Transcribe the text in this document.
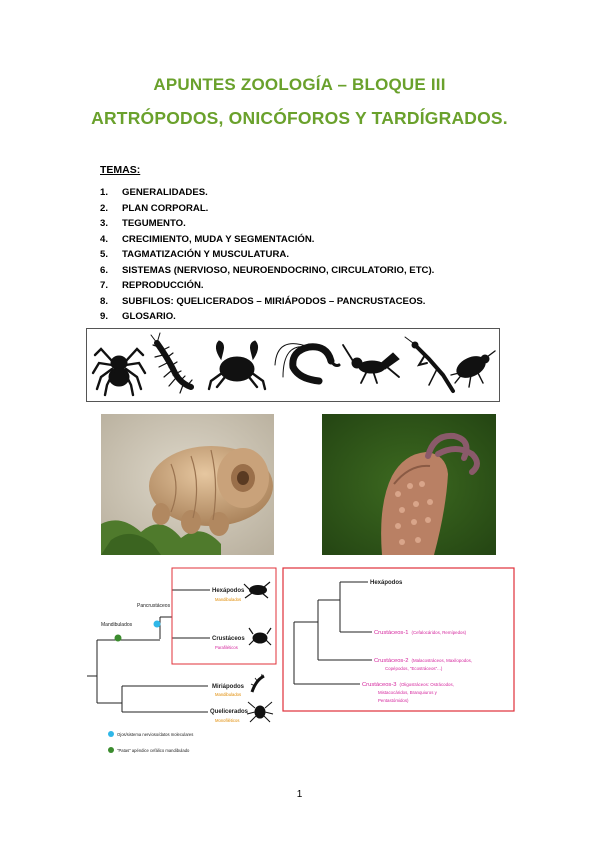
APUNTES ZOOLOGÍA – BLOQUE III
ARTRÓPODOS, ONICÓFOROS Y TARDÍGRADOS.
TEMAS:
1. GENERALIDADES.
2. PLAN CORPORAL.
3. TEGUMENTO.
4. CRECIMIENTO, MUDA Y SEGMENTACIÓN.
5. TAGMATIZACIÓN Y MUSCULATURA.
6. SISTEMAS (NERVIOSO, NEUROENDOCRINO, CIRCULATORIO, ETC).
7. REPRODUCCIÓN.
8. SUBFILOS: QUELICERADOS – MIRIÁPODOS – PANCRUSTACEOS.
9. GLOSARIO.
Pancrustáceos
Mandibulados
Hexápodos
Mandibulados
Crustáceos
Parafiléticos
Miriápodos
Mandibulados
Quelicerados
Monofiléticos
Ojos/sistema nervioso/datos moleculares
"Patas" apéndice cefálico mandibulado
Hexápodos
Crustáceos-1 (Cefalocáridos, Remípedos)
Crustáceos-2 (Malacostráceos, Maxilopodos,
Copépodos, "Ecostráceos"...)
Crustáceos-3 (Oligostráceos: Ostrácodos,
Mistacocáridos, Branquiuros y
Pentastómidos)
1
